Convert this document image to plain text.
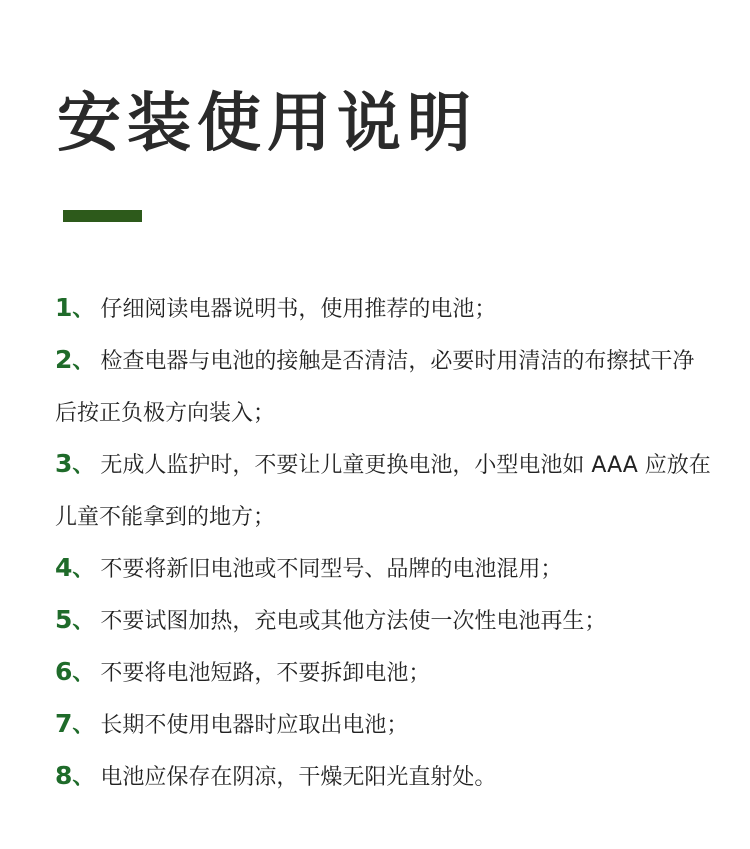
安装使用说明
1、 仔细阅读电器说明书，使用推荐的电池；
2、 检查电器与电池的接触是否清洁，必要时用清洁的布擦拭干净后按正负极方向装入；
3、 无成人监护时，不要让儿童更换电池，小型电池如 AAA 应放在儿童不能拿到的地方；
4、 不要将新旧电池或不同型号、品牌的电池混用；
5、 不要试图加热，充电或其他方法使一次性电池再生；
6、 不要将电池短路，不要拆卸电池；
7、 长期不使用电器时应取出电池；
8、 电池应保存在阴凉，干燥无阳光直射处。
